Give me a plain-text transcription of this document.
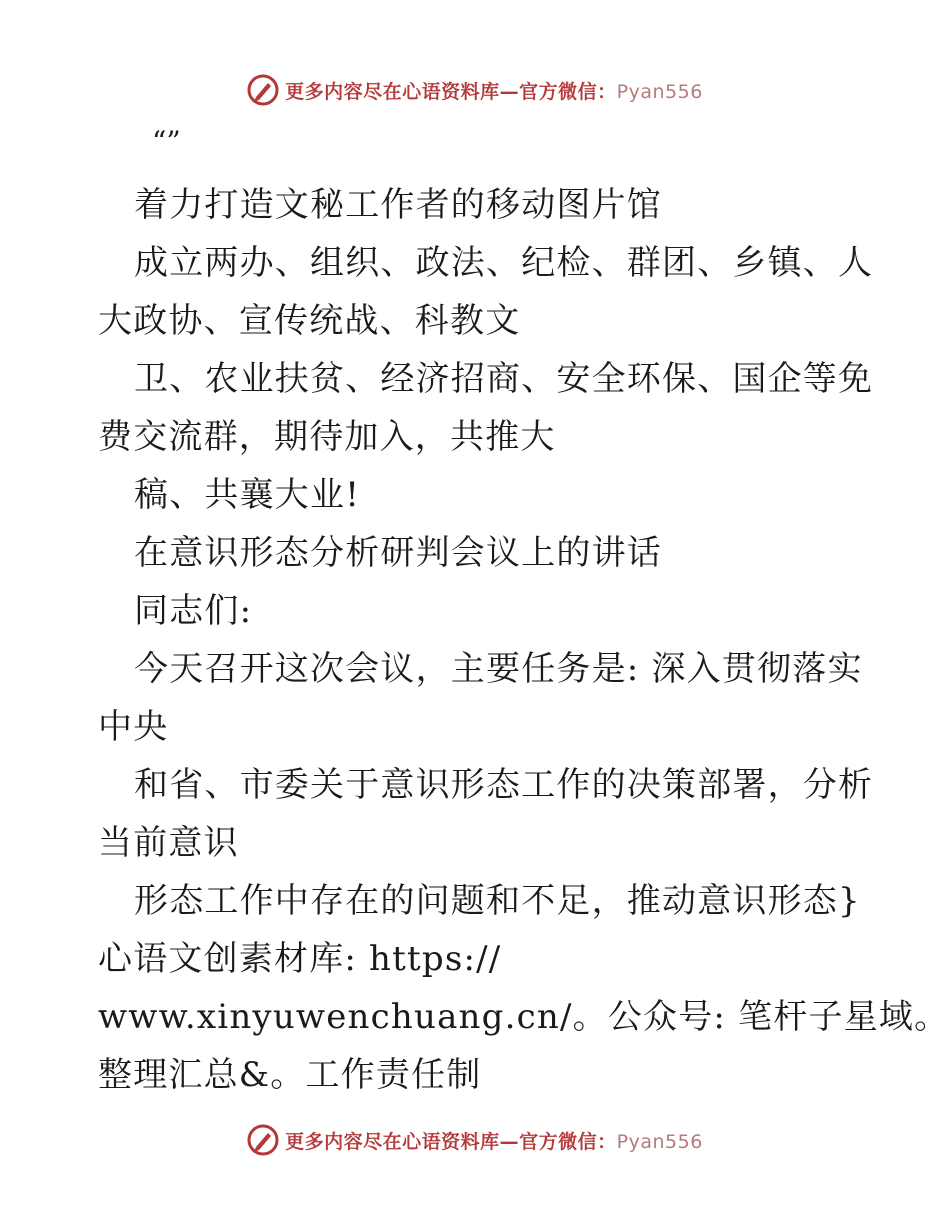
更多内容尽在心语资料库—官方微信：Pyan556
“”
着力打造文秘工作者的移动图片馆
成立两办、组织、政法、纪检、群团、乡镇、人
大政协、宣传统战、科教文
卫、农业扶贫、经济招商、安全环保、国企等免
费交流群，期待加入，共推大
稿、共襄大业!
在意识形态分析研判会议上的讲话
同志们:
今天召开这次会议，主要任务是: 深入贯彻落实
中央
和省、市委关于意识形态工作的决策部署，分析
当前意识
形态工作中存在的问题和不足，推动意识形态}
心语文创素材库: https://
www.xinyuwenchuang.cn/。公众号: 笔杆子星域。
整理汇总&。工作责任制
更多内容尽在心语资料库—官方微信：Pyan556
